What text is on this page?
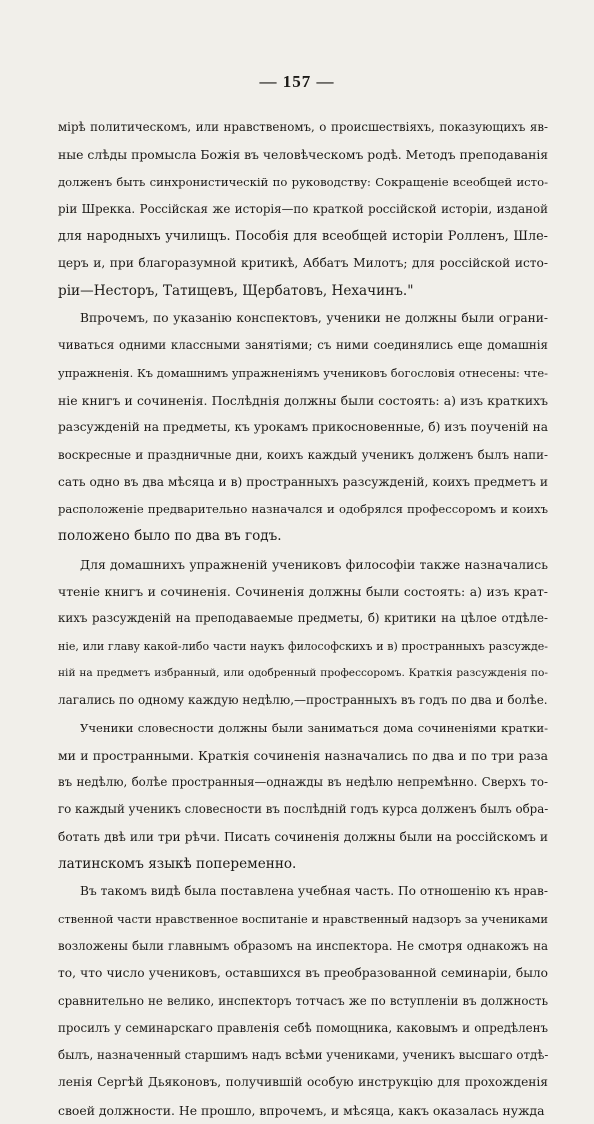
— 157 —
мірѣ политическомъ, или нравственомъ, о происшествіяхъ, показующихъ яв-
ные слѣды промысла Божія въ человѣческомъ родѣ. Методъ преподаванія
долженъ быть синхронистическій по руководству: Сокращеніе всеобщей исто-
ріи Шрекка. Россійская же исторія—по краткой россійской исторіи, изданой
для народныхъ училищъ. Пособія для всеобщей исторіи Ролленъ, Шле-
церъ и, при благоразумной критикѣ, Аббатъ Милотъ; для россійской исто-
ріи—Несторъ, Татищевъ, Щербатовъ, Нехачинъ."
Впрочемъ, по указанію конспектовъ, ученики не должны были ограни-
чиваться одними классными занятіями; съ ними соединялись еще домашнія
упражненія. Къ домашнимъ упражненіямъ учениковъ богословія отнесены: чте-
ніе книгъ и сочиненія. Послѣднія должны были состоять: а) изъ краткихъ
разсужденій на предметы, къ урокамъ прикосновенные, б) изъ поученій на
воскресные и праздничные дни, коихъ каждый ученикъ долженъ былъ напи-
сать одно въ два мѣсяца и в) пространныхъ разсужденій, коихъ предметъ и
расположеніе предварительно назначался и одобрялся профессоромъ и коихъ
положено было по два въ годъ.
Для домашнихъ упражненій учениковъ философіи также назначались
чтеніе книгъ и сочиненія. Сочиненія должны были состоять: а) изъ крат-
кихъ разсужденій на преподаваемые предметы, б) критики на цѣлое отдѣле-
ніе, или главу какой-либо части наукъ философскихъ и в) пространныхъ разсужде-
ній на предметъ избранный, или одобренный профессоромъ. Краткія разсужденія по-
лагались по одному каждую недѣлю,—пространныхъ въ годъ по два и болѣе.
Ученики словесности должны были заниматься дома сочиненіями кратки-
ми и пространными. Краткія сочиненія назначались по два и по три раза
въ недѣлю, болѣе пространныя—однажды въ недѣлю непремѣнно. Сверхъ то-
го каждый ученикъ словесности въ послѣдній годъ курса долженъ былъ обра-
ботать двѣ или три рѣчи. Писать сочиненія должны были на россійскомъ и
латинскомъ языкѣ попеременно.
Въ такомъ видѣ была поставлена учебная часть. По отношенію къ нрав-
ственной части нравственное воспитаніе и нравственный надзоръ за учениками
возложены были главнымъ образомъ на инспектора. Не смотря однакожъ на
то, что число учениковъ, оставшихся въ преобразованной семинаріи, было
сравнительно не велико, инспекторъ тотчасъ же по вступленіи въ должность
просилъ у семинарскаго правленія себѣ помощника, каковымъ и опредѣленъ
былъ, назначенный старшимъ надъ всѣми учениками, ученикъ высшаго отдѣ-
ленія Сергѣй Дьяконовъ, получившій особую инструкцію для прохожденія
своей должности. Не прошло, впрочемъ, и мѣсяца, какъ оказалась нужда
